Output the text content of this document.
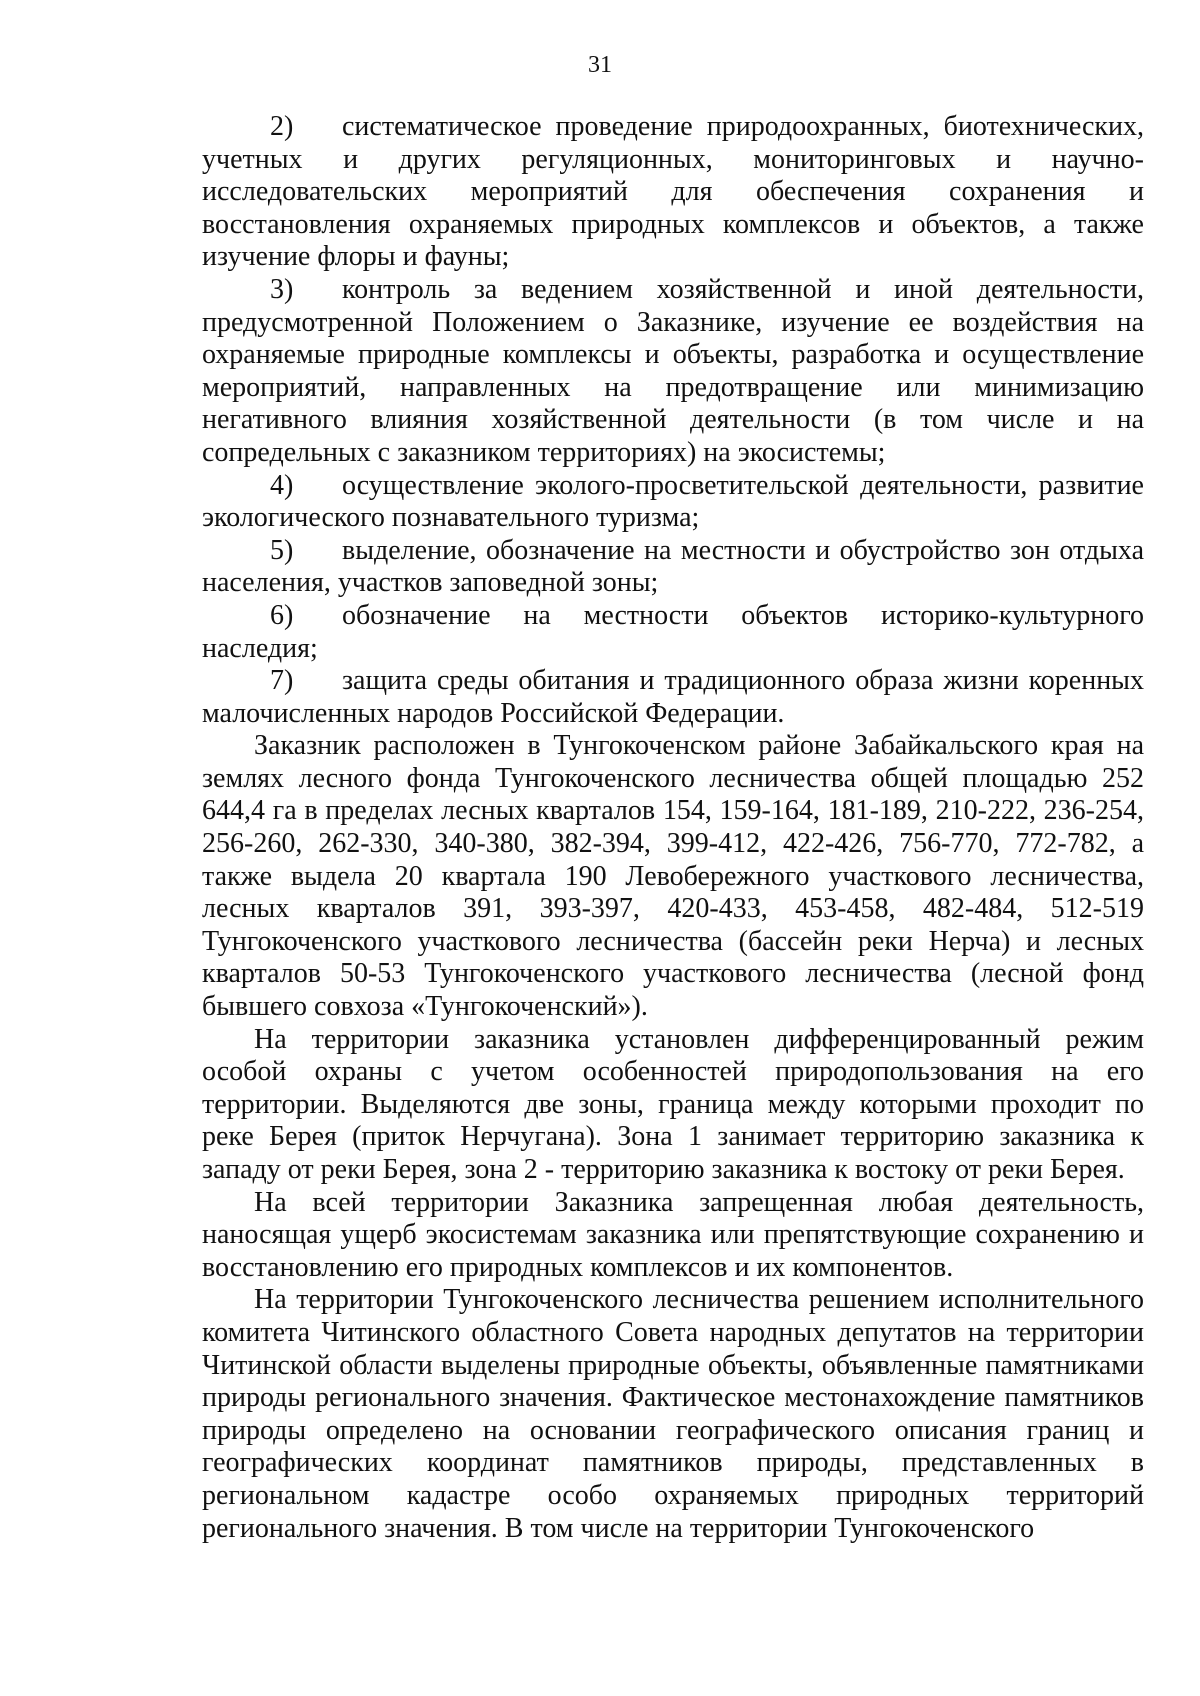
31

2) систематическое проведение природоохранных, биотехнических, учетных и других регуляционных, мониторинговых и научно-исследовательских мероприятий для обеспечения сохранения и восстановления охраняемых природных комплексов и объектов, а также изучение флоры и фауны;

3) контроль за ведением хозяйственной и иной деятельности, предусмотренной Положением о Заказнике, изучение ее воздействия на охраняемые природные комплексы и объекты, разработка и осуществление мероприятий, направленных на предотвращение или минимизацию негативного влияния хозяйственной деятельности (в том числе и на сопредельных с заказником территориях) на экосистемы;

4) осуществление эколого-просветительской деятельности, развитие экологического познавательного туризма;

5) выделение, обозначение на местности и обустройство зон отдыха населения, участков заповедной зоны;

6) обозначение на местности объектов историко-культурного наследия;

7) защита среды обитания и традиционного образа жизни коренных малочисленных народов Российской Федерации.

Заказник расположен в Тунгокоченском районе Забайкальского края на землях лесного фонда Тунгокоченского лесничества общей площадью 252 644,4 га в пределах лесных кварталов 154, 159-164, 181-189, 210-222, 236-254, 256-260, 262-330, 340-380, 382-394, 399-412, 422-426, 756-770, 772-782, а также выдела 20 квартала 190 Левобережного участкового лесничества, лесных кварталов 391, 393-397, 420-433, 453-458, 482-484, 512-519 Тунгокоченского участкового лесничества (бассейн реки Нерча) и лесных кварталов 50-53 Тунгокоченского участкового лесничества (лесной фонд бывшего совхоза «Тунгокоченский»).

На территории заказника установлен дифференцированный режим особой охраны с учетом особенностей природопользования на его территории. Выделяются две зоны, граница между которыми проходит по реке Берея (приток Нерчугана). Зона 1 занимает территорию заказника к западу от реки Берея, зона 2 - территорию заказника к востоку от реки Берея.

На всей территории Заказника запрещенная любая деятельность, наносящая ущерб экосистемам заказника или препятствующие сохранению и восстановлению его природных комплексов и их компонентов.

На территории Тунгокоченского лесничества решением исполнительного комитета Читинского областного Совета народных депутатов на территории Читинской области выделены природные объекты, объявленные памятниками природы регионального значения. Фактическое местонахождение памятников природы определено на основании географического описания границ и географических координат памятников природы, представленных в региональном кадастре особо охраняемых природных территорий регионального значения. В том числе на территории Тунгокоченского
